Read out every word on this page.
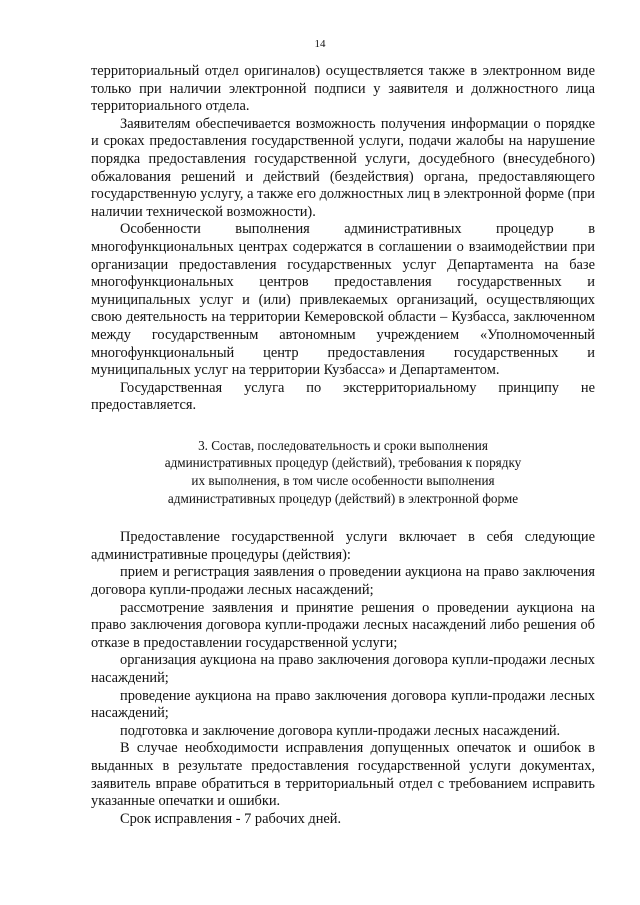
14

территориальный отдел оригиналов) осуществляется также в электронном виде только при наличии электронной подписи у заявителя и должностного лица территориального отдела.

Заявителям обеспечивается возможность получения информации о порядке и сроках предоставления государственной услуги, подачи жалобы на нарушение порядка предоставления государственной услуги, досудебного (внесудебного) обжалования решений и действий (бездействия) органа, предоставляющего государственную услугу, а также его должностных лиц в электронной форме (при наличии технической возможности).

Особенности выполнения административных процедур в многофункциональных центрах содержатся в соглашении о взаимодействии при организации предоставления государственных услуг Департамента на базе многофункциональных центров предоставления государственных и муниципальных услуг и (или) привлекаемых организаций, осуществляющих свою деятельность на территории Кемеровской области – Кузбасса, заключенном между государственным автономным учреждением «Уполномоченный многофункциональный центр предоставления государственных и муниципальных услуг на территории Кузбасса» и Департаментом.

Государственная услуга по экстерриториальному принципу не предоставляется.

3. Состав, последовательность и сроки выполнения
административных процедур (действий), требования к порядку
их выполнения, в том числе особенности выполнения
административных процедур (действий) в электронной форме

Предоставление государственной услуги включает в себя следующие административные процедуры (действия):

прием и регистрация заявления о проведении аукциона на право заключения договора купли-продажи лесных насаждений;

рассмотрение заявления и принятие решения о проведении аукциона на право заключения договора купли-продажи лесных насаждений либо решения об отказе в предоставлении государственной услуги;

организация аукциона на право заключения договора купли-продажи лесных насаждений;

проведение аукциона на право заключения договора купли-продажи лесных насаждений;

подготовка и заключение договора купли-продажи лесных насаждений.

В случае необходимости исправления допущенных опечаток и ошибок в выданных в результате предоставления государственной услуги документах, заявитель вправе обратиться в территориальный отдел с требованием исправить указанные опечатки и ошибки.

Срок исправления - 7 рабочих дней.
